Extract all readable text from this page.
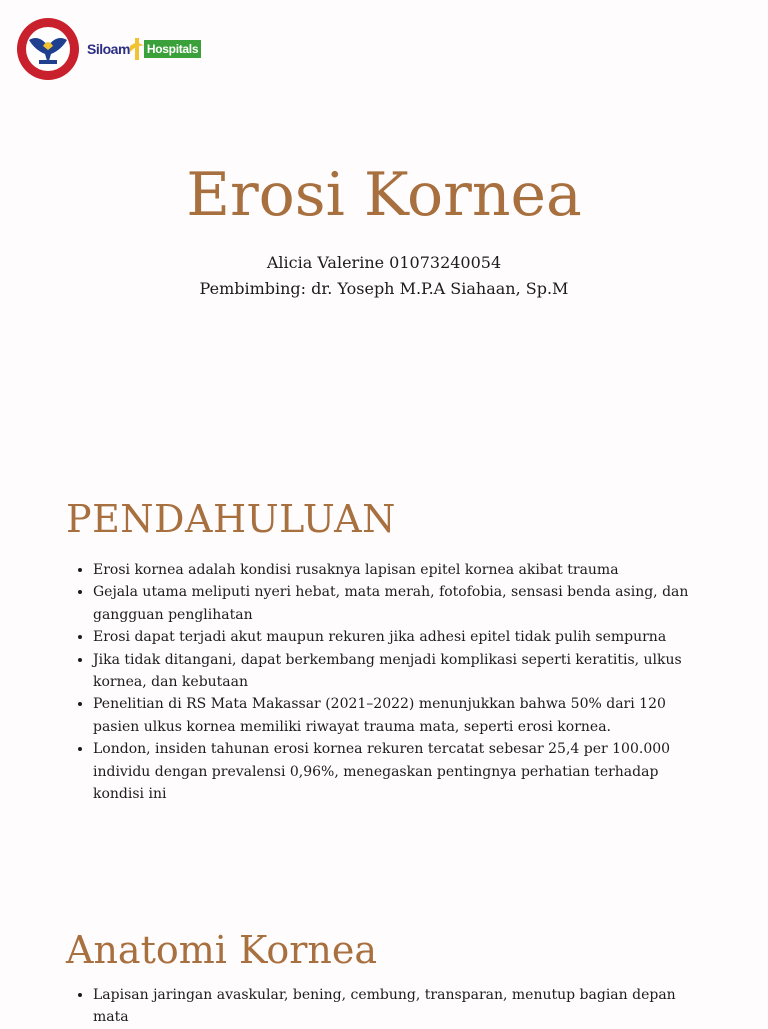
Siloam Hospitals
Erosi Kornea
Alicia Valerine 01073240054
Pembimbing: dr. Yoseph M.P.A Siahaan, Sp.M
PENDAHULUAN
• Erosi kornea adalah kondisi rusaknya lapisan epitel kornea akibat trauma
• Gejala utama meliputi nyeri hebat, mata merah, fotofobia, sensasi benda asing, dan gangguan penglihatan
• Erosi dapat terjadi akut maupun rekuren jika adhesi epitel tidak pulih sempurna
• Jika tidak ditangani, dapat berkembang menjadi komplikasi seperti keratitis, ulkus kornea, dan kebutaan
• Penelitian di RS Mata Makassar (2021–2022) menunjukkan bahwa 50% dari 120 pasien ulkus kornea memiliki riwayat trauma mata, seperti erosi kornea.
• London, insiden tahunan erosi kornea rekuren tercatat sebesar 25,4 per 100.000 individu dengan prevalensi 0,96%, menegaskan pentingnya perhatian terhadap kondisi ini
Anatomi Kornea
• Lapisan jaringan avaskular, bening, cembung, transparan, menutup bagian depan mata
